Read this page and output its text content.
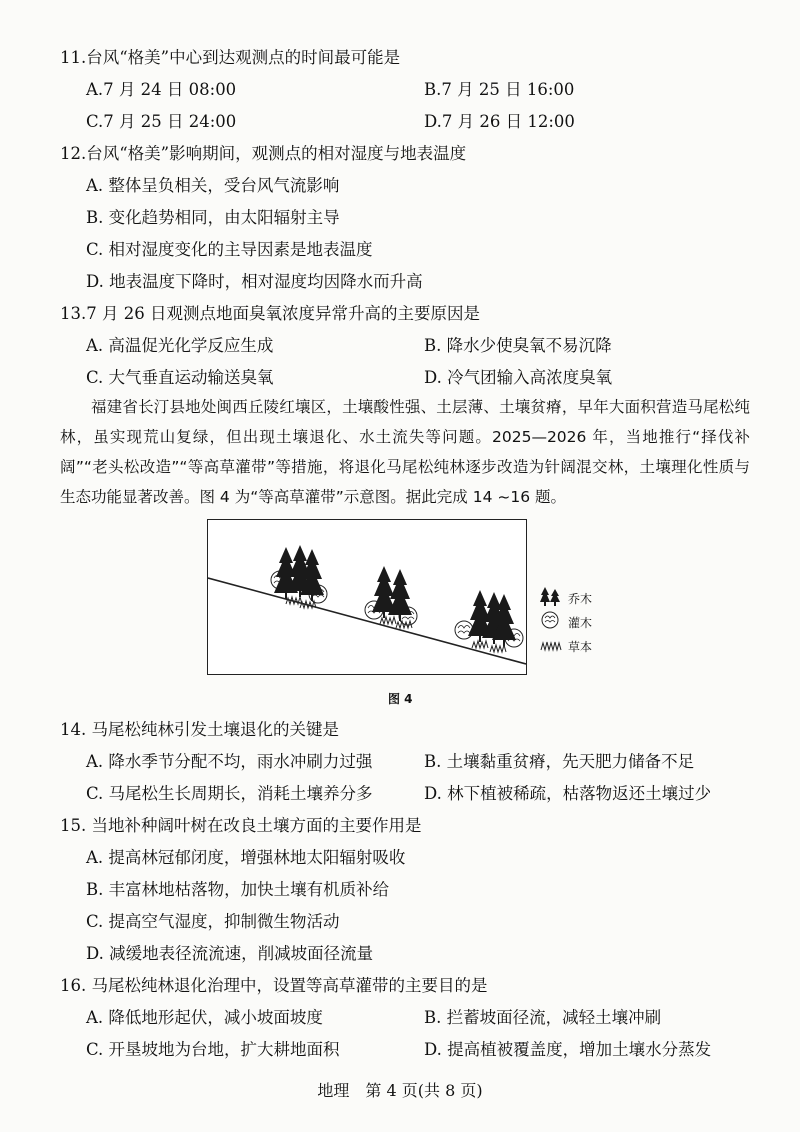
11.台风“格美”中心到达观测点的时间最可能是
A.7 月 24 日 08:00	B.7 月 25 日 16:00
C.7 月 25 日 24:00	D.7 月 26 日 12:00
12.台风“格美”影响期间，观测点的相对湿度与地表温度
A. 整体呈负相关，受台风气流影响
B. 变化趋势相同，由太阳辐射主导
C. 相对湿度变化的主导因素是地表温度
D. 地表温度下降时，相对湿度均因降水而升高
13.7 月 26 日观测点地面臭氧浓度异常升高的主要原因是
A. 高温促光化学反应生成	B. 降水少使臭氧不易沉降
C. 大气垂直运动输送臭氧	D. 冷气团输入高浓度臭氧
福建省长汀县地处闽西丘陵红壤区，土壤酸性强、土层薄、土壤贫瘠，早年大面积营造马尾松纯林，虽实现荒山复绿，但出现土壤退化、水土流失等问题。2025—2026 年，当地推行“择伐补阔”“老头松改造”“等高草灌带”等措施，将退化马尾松纯林逐步改造为针阔混交林，土壤理化性质与生态功能显著改善。图 4 为“等高草灌带”示意图。据此完成 14 ~16 题。
乔木
灌木
草本
图 4
14. 马尾松纯林引发土壤退化的关键是
A. 降水季节分配不均，雨水冲刷力过强	B. 土壤黏重贫瘠，先天肥力储备不足
C. 马尾松生长周期长，消耗土壤养分多	D. 林下植被稀疏，枯落物返还土壤过少
15. 当地补种阔叶树在改良土壤方面的主要作用是
A. 提高林冠郁闭度，增强林地太阳辐射吸收
B. 丰富林地枯落物，加快土壤有机质补给
C. 提高空气湿度，抑制微生物活动
D. 减缓地表径流流速，削减坡面径流量
16. 马尾松纯林退化治理中，设置等高草灌带的主要目的是
A. 降低地形起伏，减小坡面坡度	B. 拦蓄坡面径流，减轻土壤冲刷
C. 开垦坡地为台地，扩大耕地面积	D. 提高植被覆盖度，增加土壤水分蒸发
地理　第 4 页(共 8 页)
